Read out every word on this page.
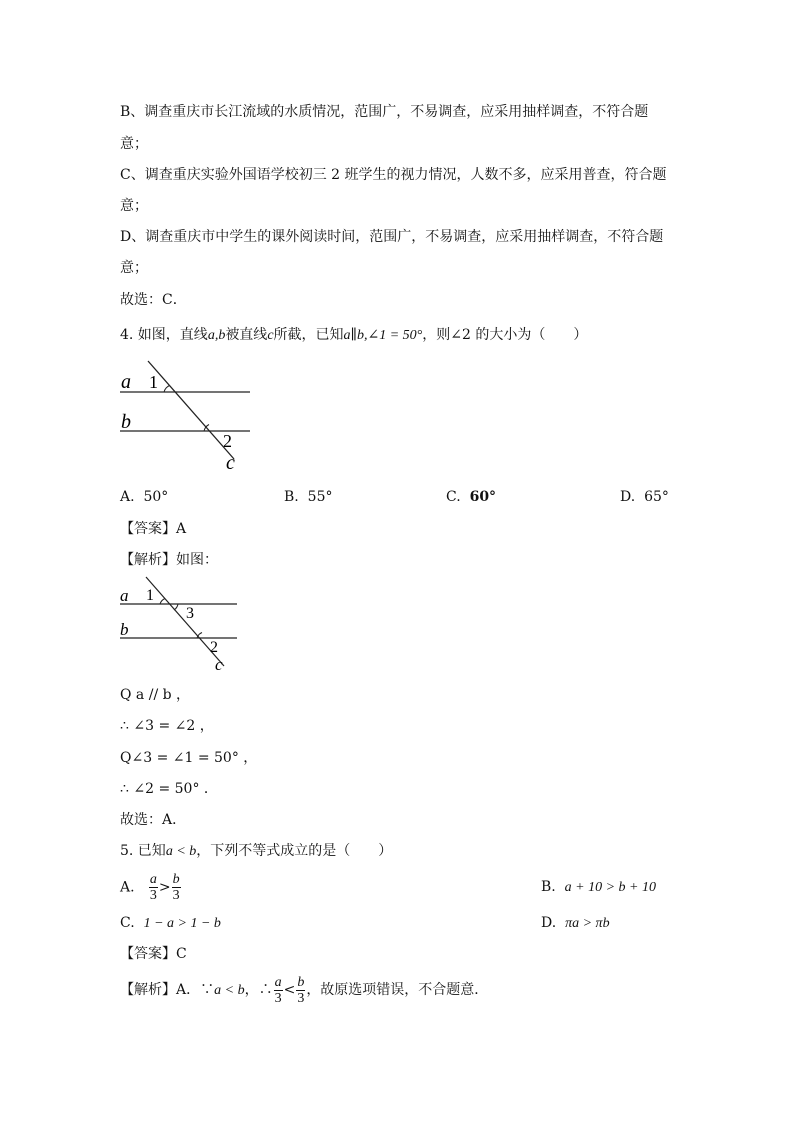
B、调查重庆市长江流域的水质情况，范围广，不易调查，应采用抽样调查，不符合题
意；
C、调查重庆实验外国语学校初三 2 班学生的视力情况，人数不多，应采用普查，符合题
意；
D、调查重庆市中学生的课外阅读时间，范围广，不易调查，应采用抽样调查，不符合题
意；
故选：C．
4. 如图，直线a,b被直线c所截，已知a∥b,∠1 = 50°，则∠2 的大小为（　　）
a
b
1
2
c
A. 50°	B. 55°	C. 60°	D. 65°
【答案】A
【解析】如图：
a
b
1
3
2
c
Q a // b ，
∴ ∠3 = ∠2 ，
Q∠3 = ∠1 = 50° ，
∴ ∠2 = 50° ．
故选：A．
5. 已知a < b，下列不等式成立的是（　　）
A. $\frac{a}{3} > \frac{b}{3}$	B. a + 10 > b + 10
C. 1 − a > 1 − b	D. πa > πb
【答案】C
【解析】A．∵a < b，∴ $\frac{a}{3} < \frac{b}{3}$ ，故原选项错误，不合题意．
